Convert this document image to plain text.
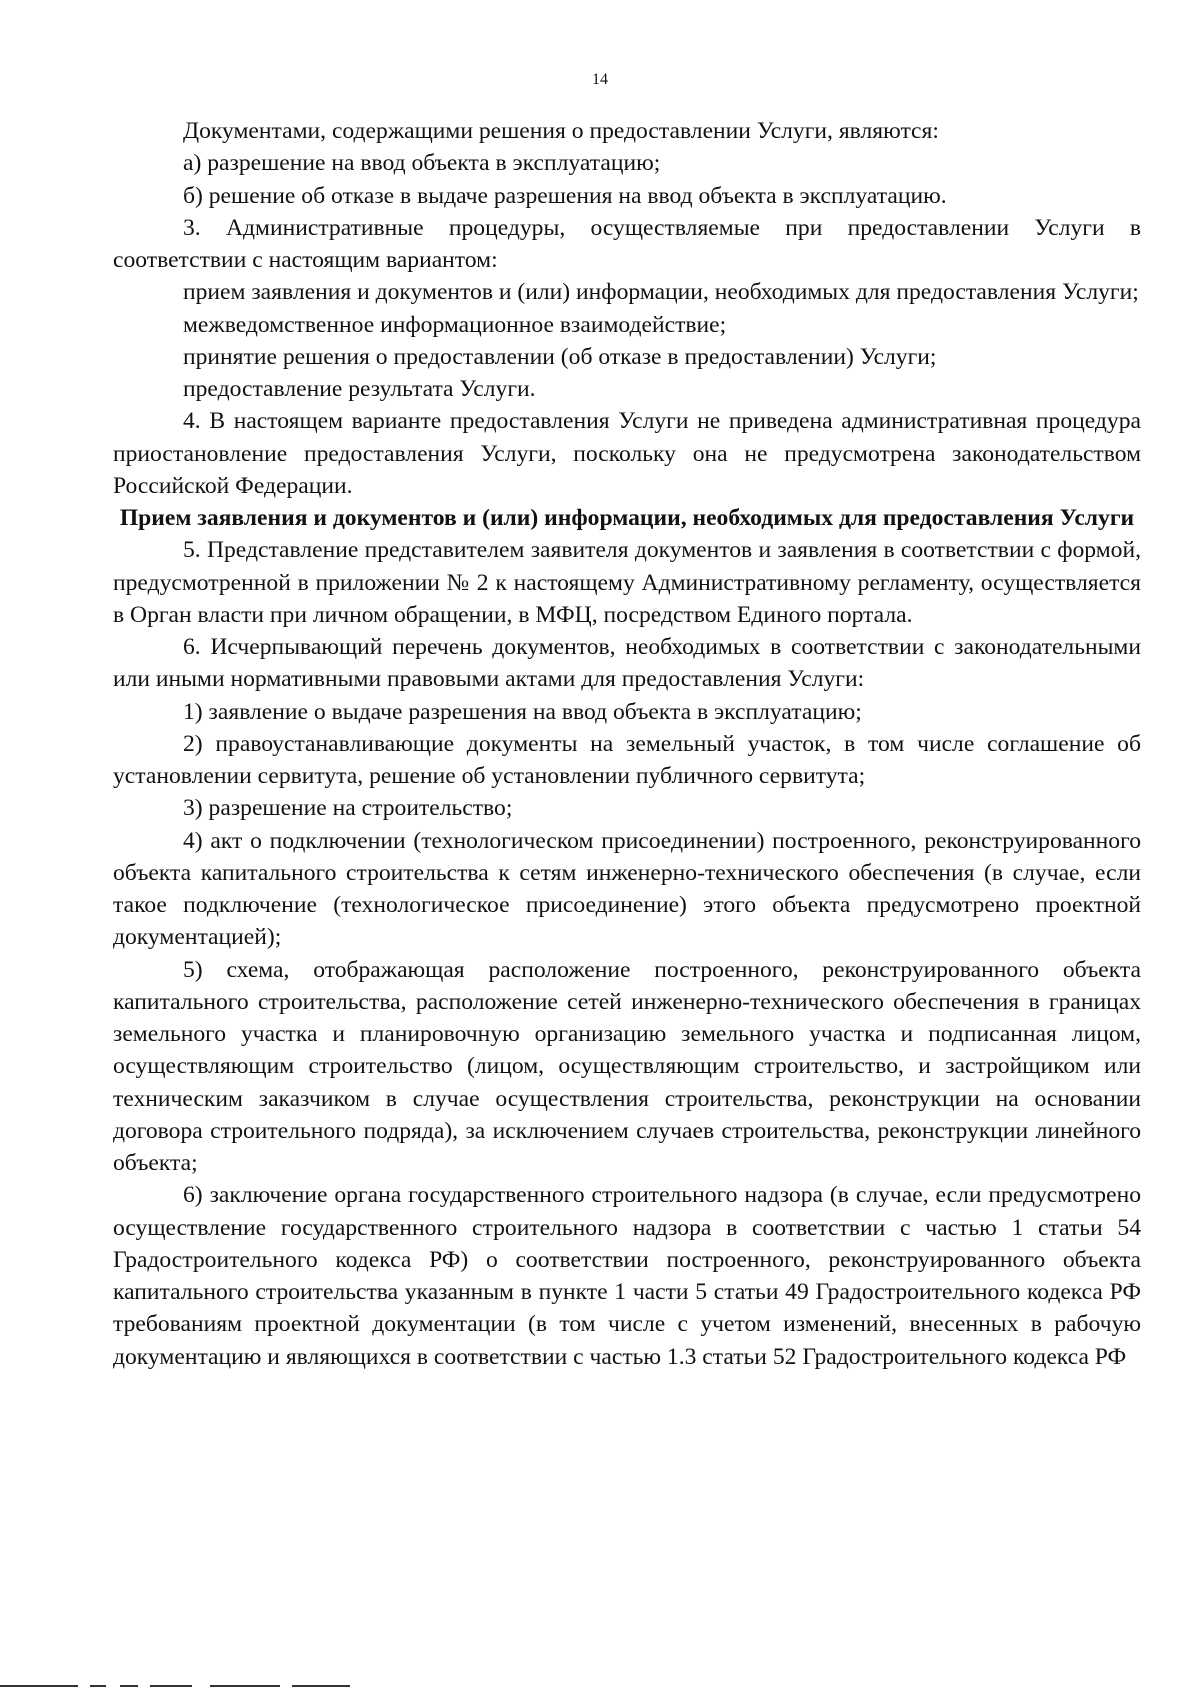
14

Документами, содержащими решения о предоставлении Услуги, являются:

а) разрешение на ввод объекта в эксплуатацию;

б) решение об отказе в выдаче разрешения на ввод объекта в эксплуатацию.

3. Административные процедуры, осуществляемые при предоставлении Услуги в соответствии с настоящим вариантом:

прием заявления и документов и (или) информации, необходимых для предоставления Услуги;

межведомственное информационное взаимодействие;

принятие решения о предоставлении (об отказе в предоставлении) Услуги;

предоставление результата Услуги.

4. В настоящем варианте предоставления Услуги не приведена административная процедура приостановление предоставления Услуги, поскольку она не предусмотрена законодательством Российской Федерации.

Прием заявления и документов и (или) информации, необходимых для предоставления Услуги

5. Представление представителем заявителя документов и заявления в соответствии с формой, предусмотренной в приложении № 2 к настоящему Административному регламенту, осуществляется в Орган власти при личном обращении, в МФЦ, посредством Единого портала.

6. Исчерпывающий перечень документов, необходимых в соответствии с законодательными или иными нормативными правовыми актами для предоставления Услуги:

1) заявление о выдаче разрешения на ввод объекта в эксплуатацию;

2) правоустанавливающие документы на земельный участок, в том числе соглашение об установлении сервитута, решение об установлении публичного сервитута;

3) разрешение на строительство;

4) акт о подключении (технологическом присоединении) построенного, реконструированного объекта капитального строительства к сетям инженерно-технического обеспечения (в случае, если такое подключение (технологическое присоединение) этого объекта предусмотрено проектной документацией);

5) схема, отображающая расположение построенного, реконструированного объекта капитального строительства, расположение сетей инженерно-технического обеспечения в границах земельного участка и планировочную организацию земельного участка и подписанная лицом, осуществляющим строительство (лицом, осуществляющим строительство, и застройщиком или техническим заказчиком в случае осуществления строительства, реконструкции на основании договора строительного подряда), за исключением случаев строительства, реконструкции линейного объекта;

6) заключение органа государственного строительного надзора (в случае, если предусмотрено осуществление государственного строительного надзора в соответствии с частью 1 статьи 54 Градостроительного кодекса РФ) о соответствии построенного, реконструированного объекта капитального строительства указанным в пункте 1 части 5 статьи 49 Градостроительного кодекса РФ требованиям проектной документации (в том числе с учетом изменений, внесенных в рабочую документацию и являющихся в соответствии с частью 1.3 статьи 52 Градостроительного кодекса РФ
